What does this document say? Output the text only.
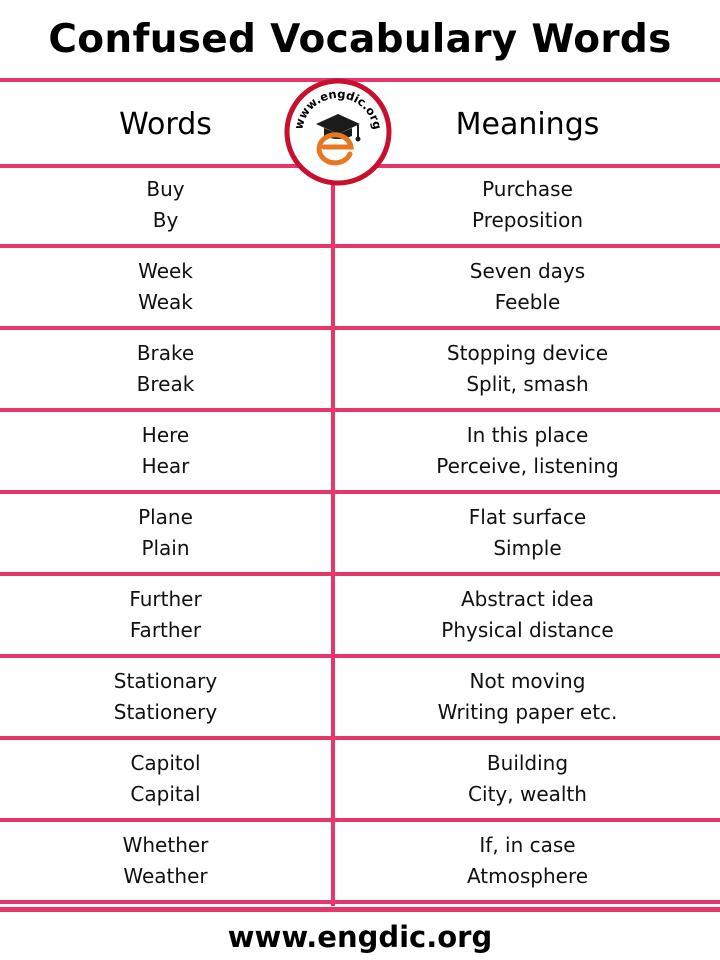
Confused Vocabulary Words
Words	Meanings
Buy
By
Purchase
Preposition
Week
Weak
Seven days
Feeble
Brake
Break
Stopping device
Split, smash
Here
Hear
In this place
Perceive, listening
Plane
Plain
Flat surface
Simple
Further
Farther
Abstract idea
Physical distance
Stationary
Stationery
Not moving
Writing paper etc.
Capitol
Capital
Building
City, wealth
Whether
Weather
If, in case
Atmosphere
www.engdic.org
www.engdic.org
